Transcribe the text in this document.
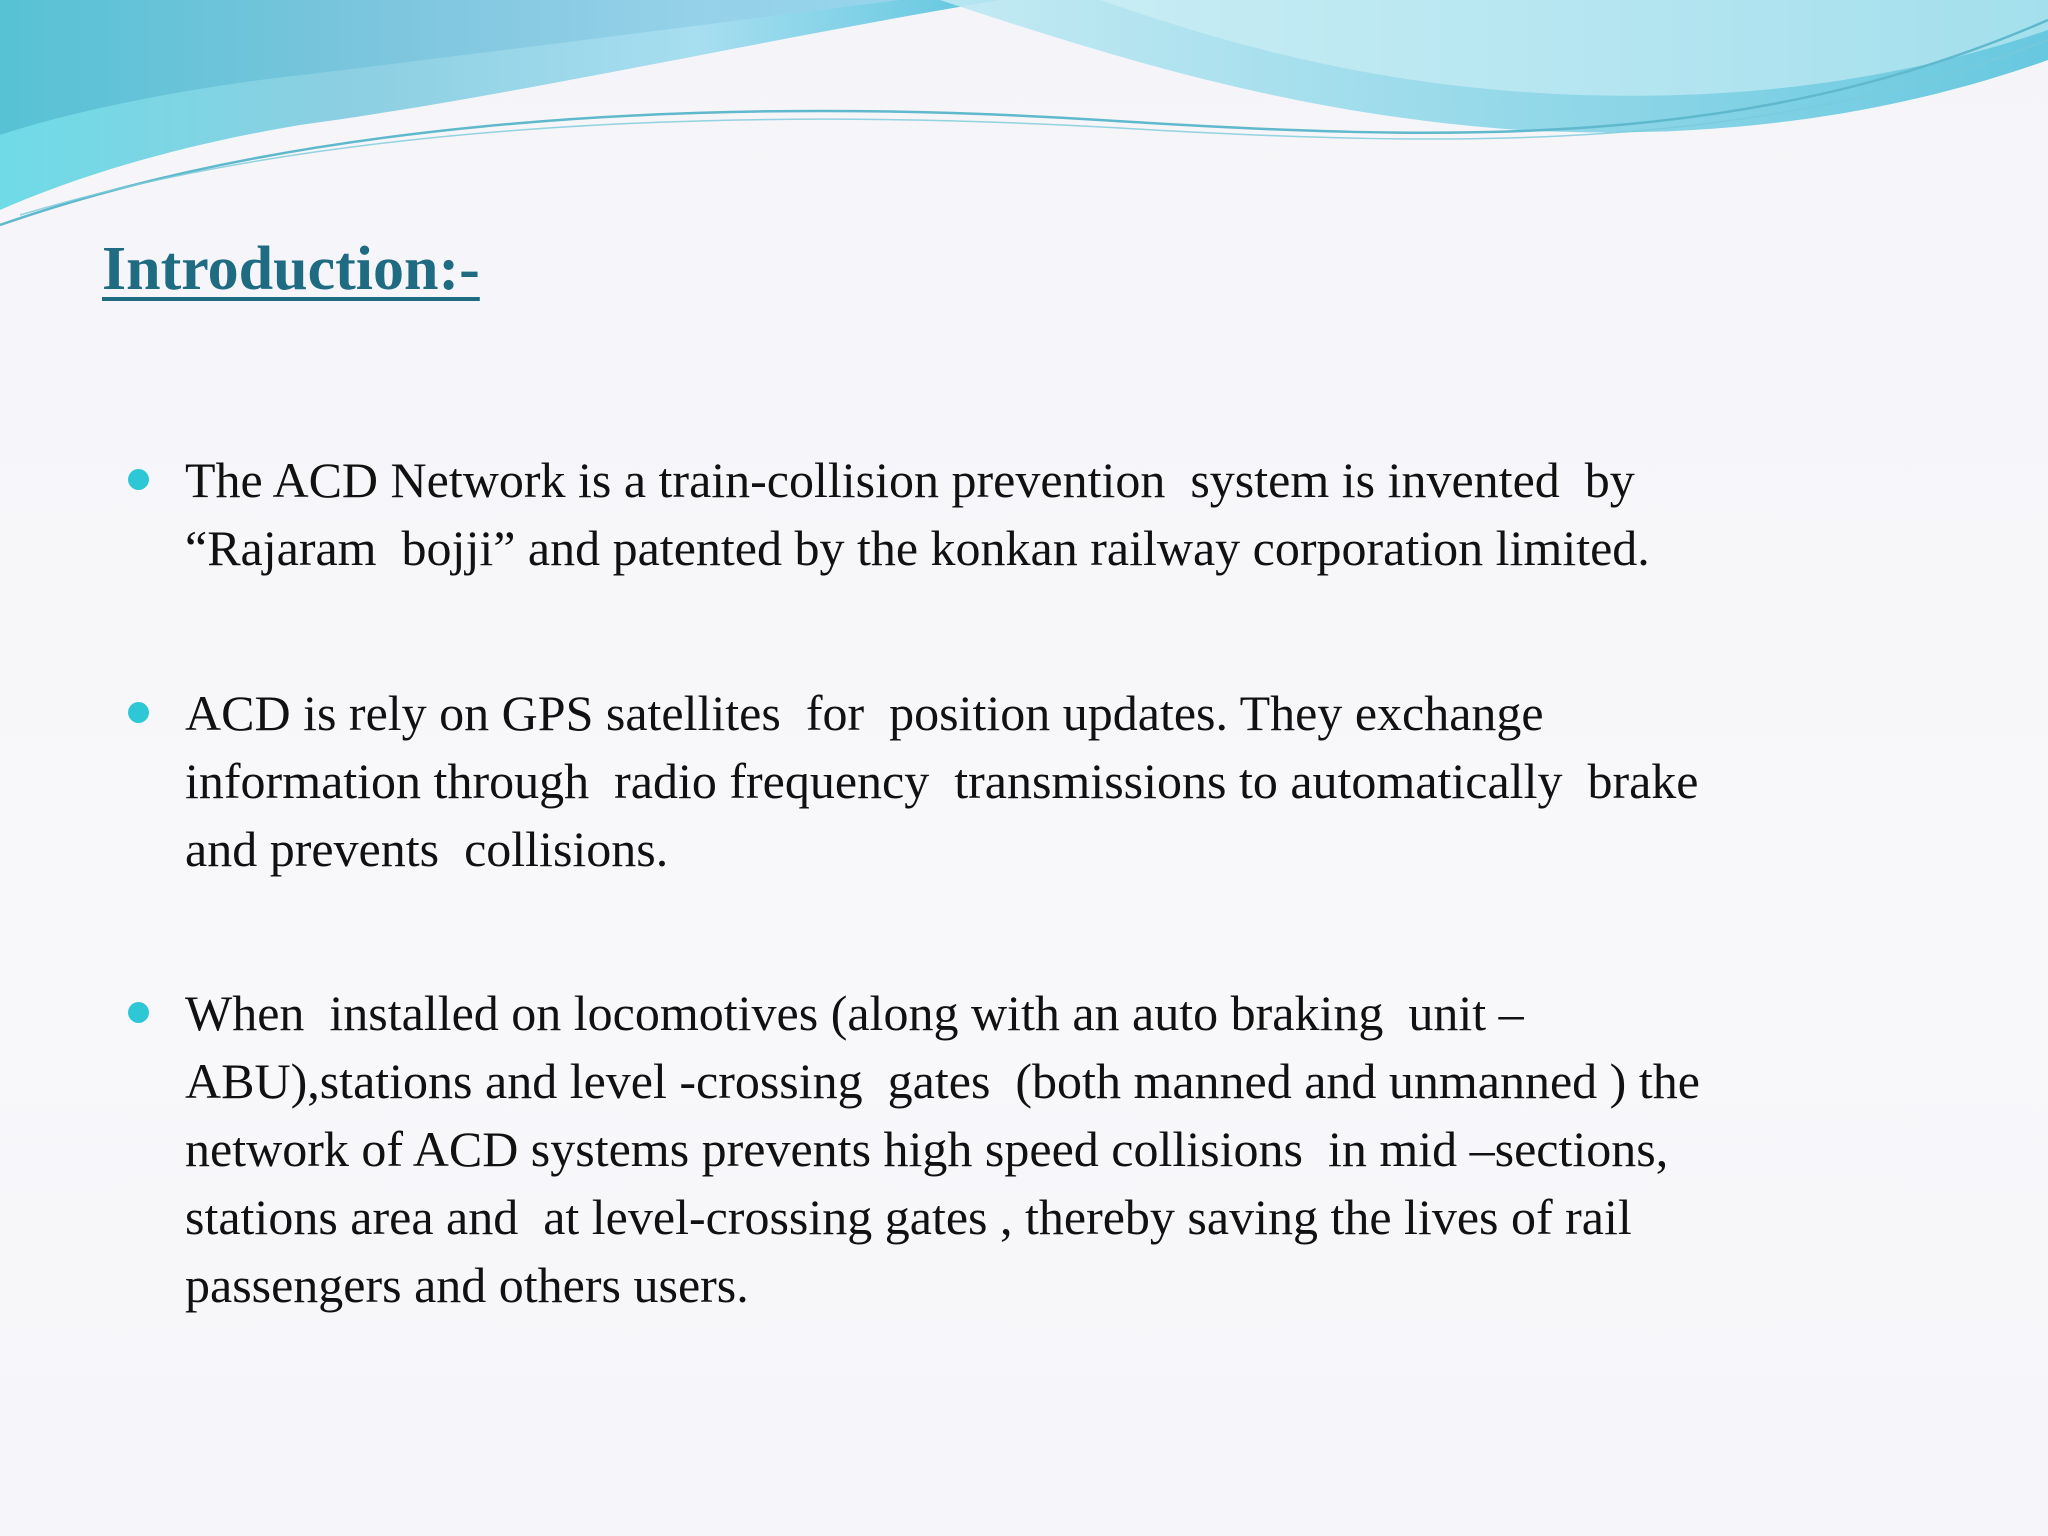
Introduction:-
The ACD Network is a train-collision prevention  system is invented  by
“Rajaram  bojji” and patented by the konkan railway corporation limited.
ACD is rely on GPS satellites  for  position updates. They exchange
information through  radio frequency  transmissions to automatically  brake
and prevents  collisions.
When  installed on locomotives (along with an auto braking  unit –
ABU),stations and level -crossing  gates  (both manned and unmanned ) the
network of ACD systems prevents high speed collisions  in mid –sections,
stations area and  at level-crossing gates , thereby saving the lives of rail
passengers and others users.
